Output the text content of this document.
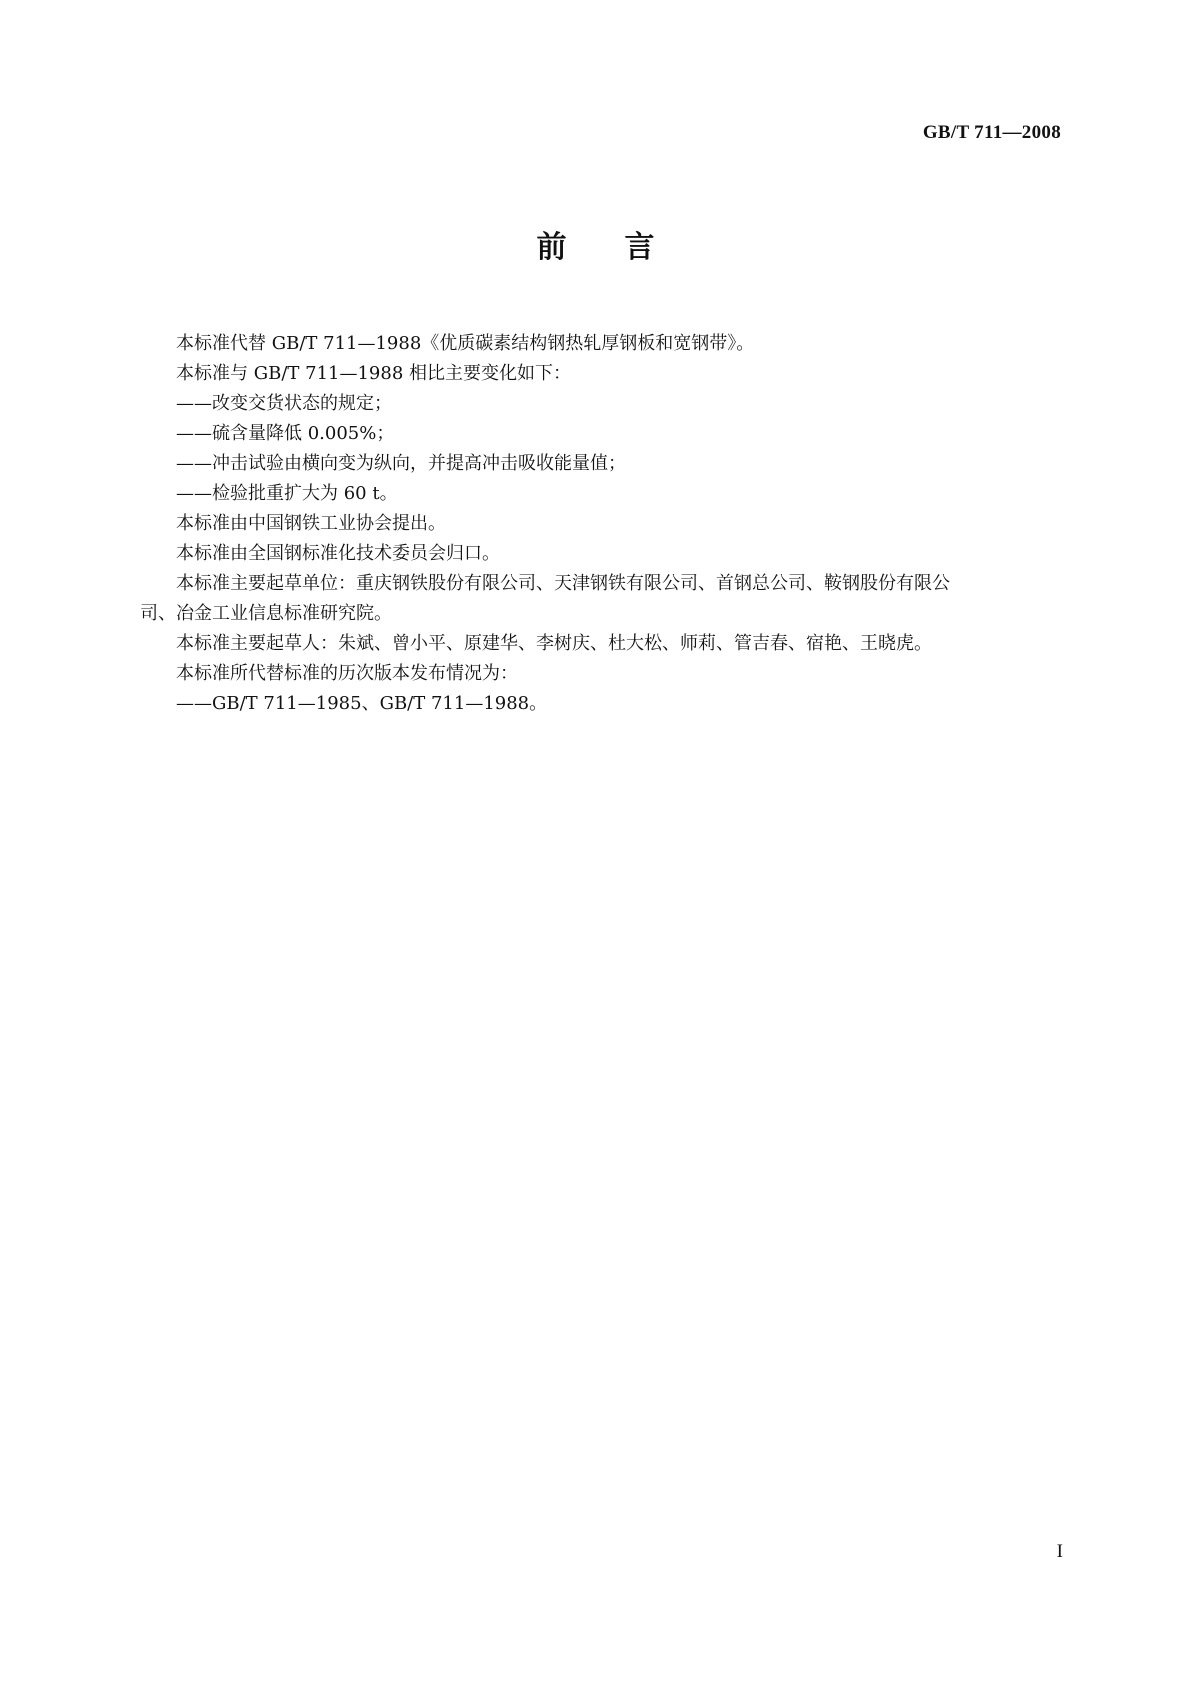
GB/T 711—2008
前言

本标准代替 GB/T 711—1988《优质碳素结构钢热轧厚钢板和宽钢带》。

本标准与 GB/T 711—1988 相比主要变化如下：

——改变交货状态的规定；

——硫含量降低 0.005%；

——冲击试验由横向变为纵向，并提高冲击吸收能量值；

——检验批重扩大为 60 t。

本标准由中国钢铁工业协会提出。

本标准由全国钢标准化技术委员会归口。

本标准主要起草单位：重庆钢铁股份有限公司、天津钢铁有限公司、首钢总公司、鞍钢股份有限公
司、冶金工业信息标准研究院。

本标准主要起草人：朱斌、曾小平、原建华、李树庆、杜大松、师莉、管吉春、宿艳、王晓虎。

本标准所代替标准的历次版本发布情况为：

——GB/T 711—1985、GB/T 711—1988。

I
